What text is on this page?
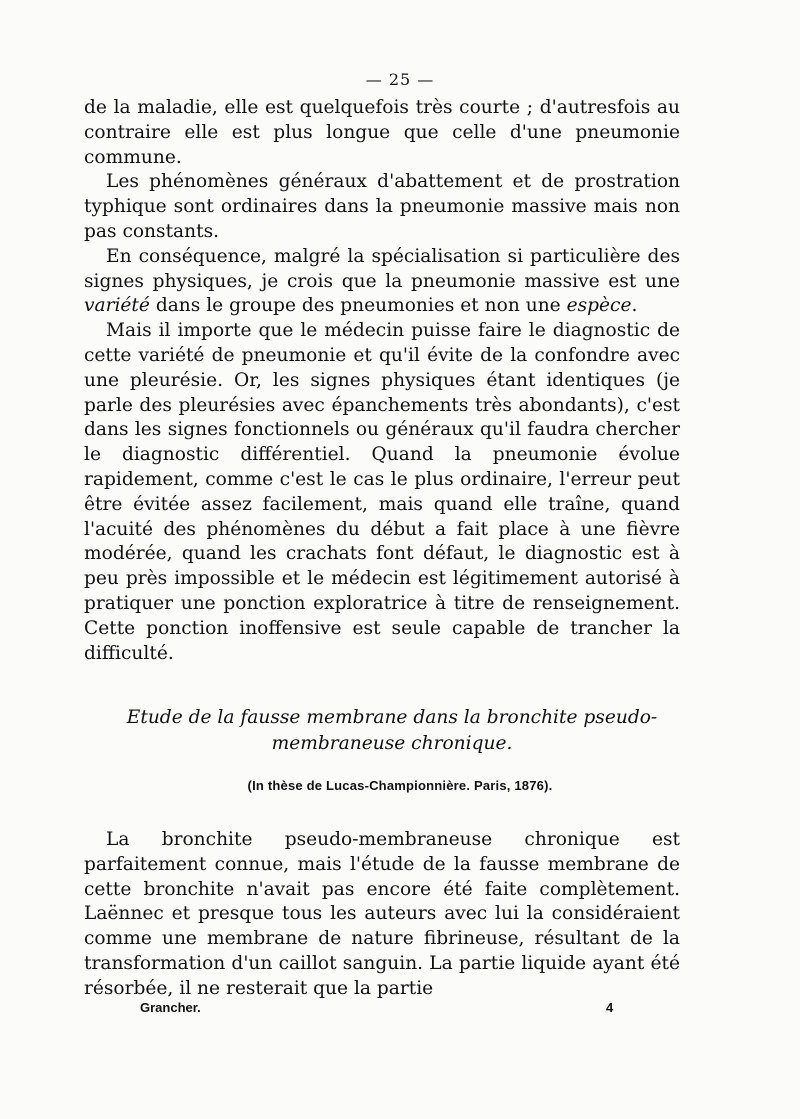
— 25 —

de la maladie, elle est quelquefois très courte ; d'autresfois au contraire elle est plus longue que celle d'une pneumonie commune.

Les phénomènes généraux d'abattement et de prostration typhique sont ordinaires dans la pneumonie massive mais non pas constants.

En conséquence, malgré la spécialisation si particulière des signes physiques, je crois que la pneumonie massive est une variété dans le groupe des pneumonies et non une espèce.

Mais il importe que le médecin puisse faire le diagnostic de cette variété de pneumonie et qu'il évite de la confondre avec une pleurésie. Or, les signes physiques étant identiques (je parle des pleurésies avec épanchements très abondants), c'est dans les signes fonctionnels ou généraux qu'il faudra chercher le diagnostic différentiel. Quand la pneumonie évolue rapidement, comme c'est le cas le plus ordinaire, l'erreur peut être évitée assez facilement, mais quand elle traîne, quand l'acuité des phénomènes du début a fait place à une fièvre modérée, quand les crachats font défaut, le diagnostic est à peu près impossible et le médecin est légitimement autorisé à pratiquer une ponction exploratrice à titre de renseignement. Cette ponction inoffensive est seule capable de trancher la difficulté.

Etude de la fausse membrane dans la bronchite pseudo-membraneuse chronique.
(In thèse de Lucas-Championnière. Paris, 1876).

La bronchite pseudo-membraneuse chronique est parfaitement connue, mais l'étude de la fausse membrane de cette bronchite n'avait pas encore été faite complètement. Laënnec et presque tous les auteurs avec lui la considéraient comme une membrane de nature fibrineuse, résultant de la transformation d'un caillot sanguin. La partie liquide ayant été résorbée, il ne resterait que la partie

Grancher.	4
